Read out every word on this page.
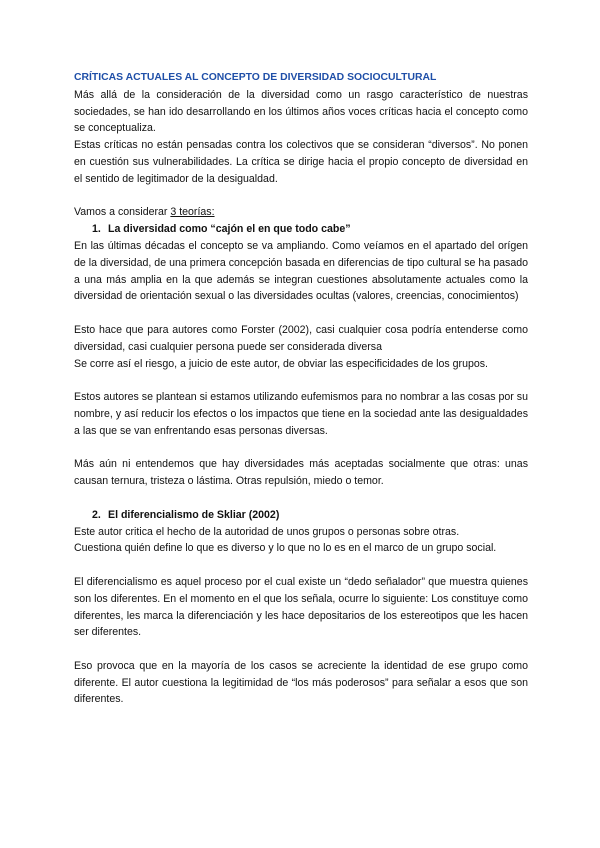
CRÍTICAS ACTUALES AL CONCEPTO DE DIVERSIDAD SOCIOCULTURAL

Más allá de la consideración de la diversidad como un rasgo característico de nuestras sociedades, se han ido desarrollando en los últimos años voces críticas hacia el concepto como se conceptualiza.

Estas críticas no están pensadas contra los colectivos que se consideran “diversos”. No ponen en cuestión sus vulnerabilidades. La crítica se dirige hacia el propio concepto de diversidad en el sentido de legitimador de la desigualdad.

Vamos a considerar 3 teorías:

1. La diversidad como “cajón el en que todo cabe”

En las últimas décadas el concepto se va ampliando. Como veíamos en el apartado del orígen de la diversidad, de una primera concepción basada en diferencias de tipo cultural se ha pasado a una más amplia en la que además se integran cuestiones absolutamente actuales como la diversidad de orientación sexual o las diversidades ocultas (valores, creencias, conocimientos)

Esto hace que para autores como Forster (2002), casi cualquier cosa podría entenderse como diversidad, casi cualquier persona puede ser considerada diversa

Se corre así el riesgo, a juicio de este autor, de obviar las especificidades de los grupos.

Estos autores se plantean si estamos utilizando eufemismos para no nombrar a las cosas por su nombre, y así reducir los efectos o los impactos que tiene en la sociedad ante las desigualdades a las que se van enfrentando esas personas diversas.

Más aún ni entendemos que hay diversidades más aceptadas socialmente que otras: unas causan ternura, tristeza o lástima. Otras repulsión, miedo o temor.

2. El diferencialismo de Skliar (2002)

Este autor critica el hecho de la autoridad de unos grupos o personas sobre otras.

Cuestiona quién define lo que es diverso y lo que no lo es en el marco de un grupo social.

El diferencialismo es aquel proceso por el cual existe un “dedo señalador” que muestra quienes son los diferentes. En el momento en el que los señala, ocurre lo siguiente: Los constituye como diferentes, les marca la diferenciación y les hace depositarios de los estereotipos que les hacen ser diferentes.

Eso provoca que en la mayoría de los casos se acreciente la identidad de ese grupo como diferente. El autor cuestiona la legitimidad de “los más poderosos” para señalar a esos que son diferentes.
